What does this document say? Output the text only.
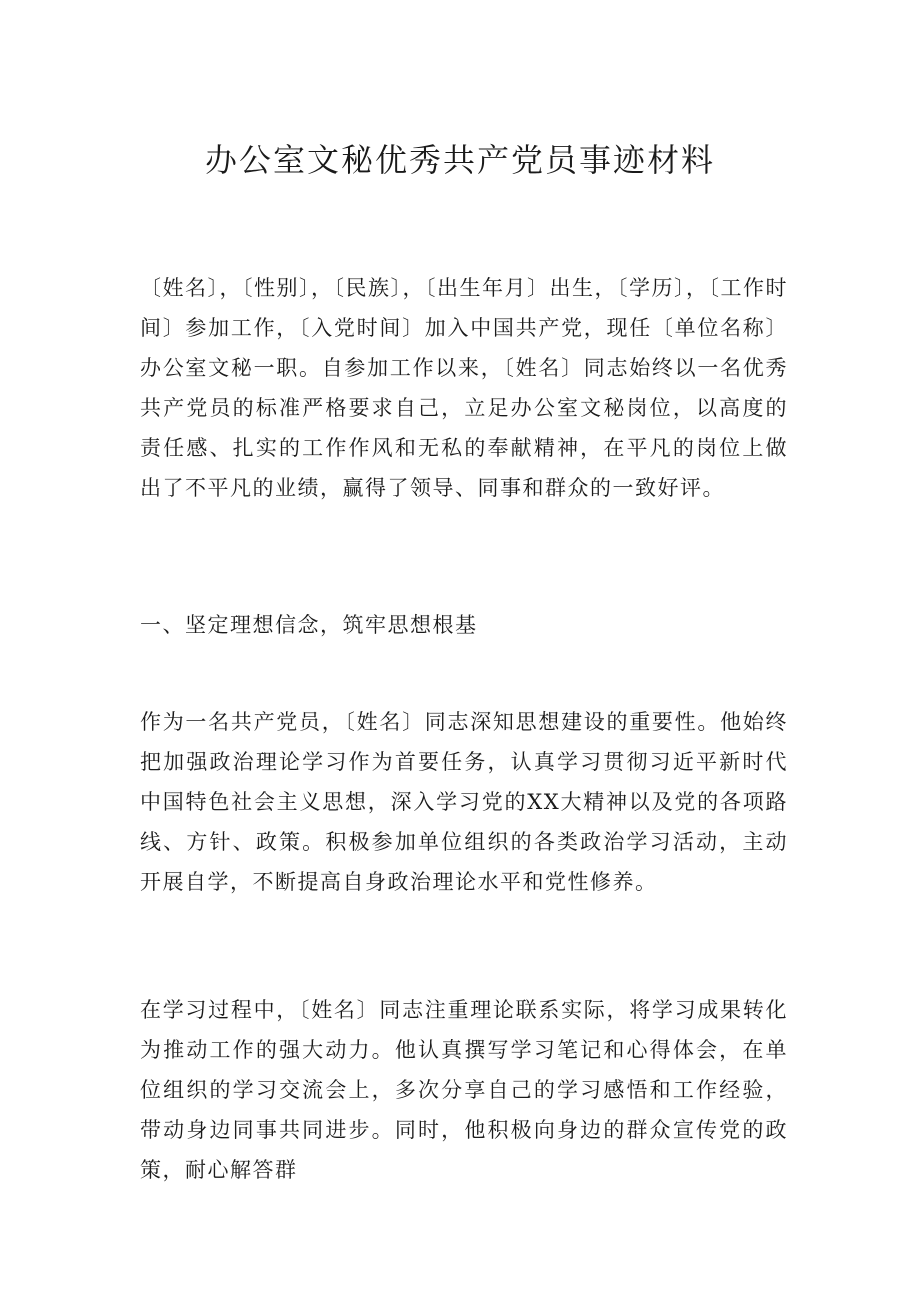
办公室文秘优秀共产党员事迹材料

〔姓名〕，〔性别〕，〔民族〕，〔出生年月〕出生，〔学历〕，〔工作时间〕参加工作，〔入党时间〕加入中国共产党，现任〔单位名称〕办公室文秘一职。自参加工作以来，〔姓名〕同志始终以一名优秀共产党员的标准严格要求自己，立足办公室文秘岗位，以高度的责任感、扎实的工作作风和无私的奉献精神，在平凡的岗位上做出了不平凡的业绩，赢得了领导、同事和群众的一致好评。

一、坚定理想信念，筑牢思想根基

作为一名共产党员，〔姓名〕同志深知思想建设的重要性。他始终把加强政治理论学习作为首要任务，认真学习贯彻习近平新时代中国特色社会主义思想，深入学习党的XX大精神以及党的各项路线、方针、政策。积极参加单位组织的各类政治学习活动，主动开展自学，不断提高自身政治理论水平和党性修养。

在学习过程中，〔姓名〕同志注重理论联系实际，将学习成果转化为推动工作的强大动力。他认真撰写学习笔记和心得体会，在单位组织的学习交流会上，多次分享自己的学习感悟和工作经验，带动身边同事共同进步。同时，他积极向身边的群众宣传党的政策，耐心解答群
